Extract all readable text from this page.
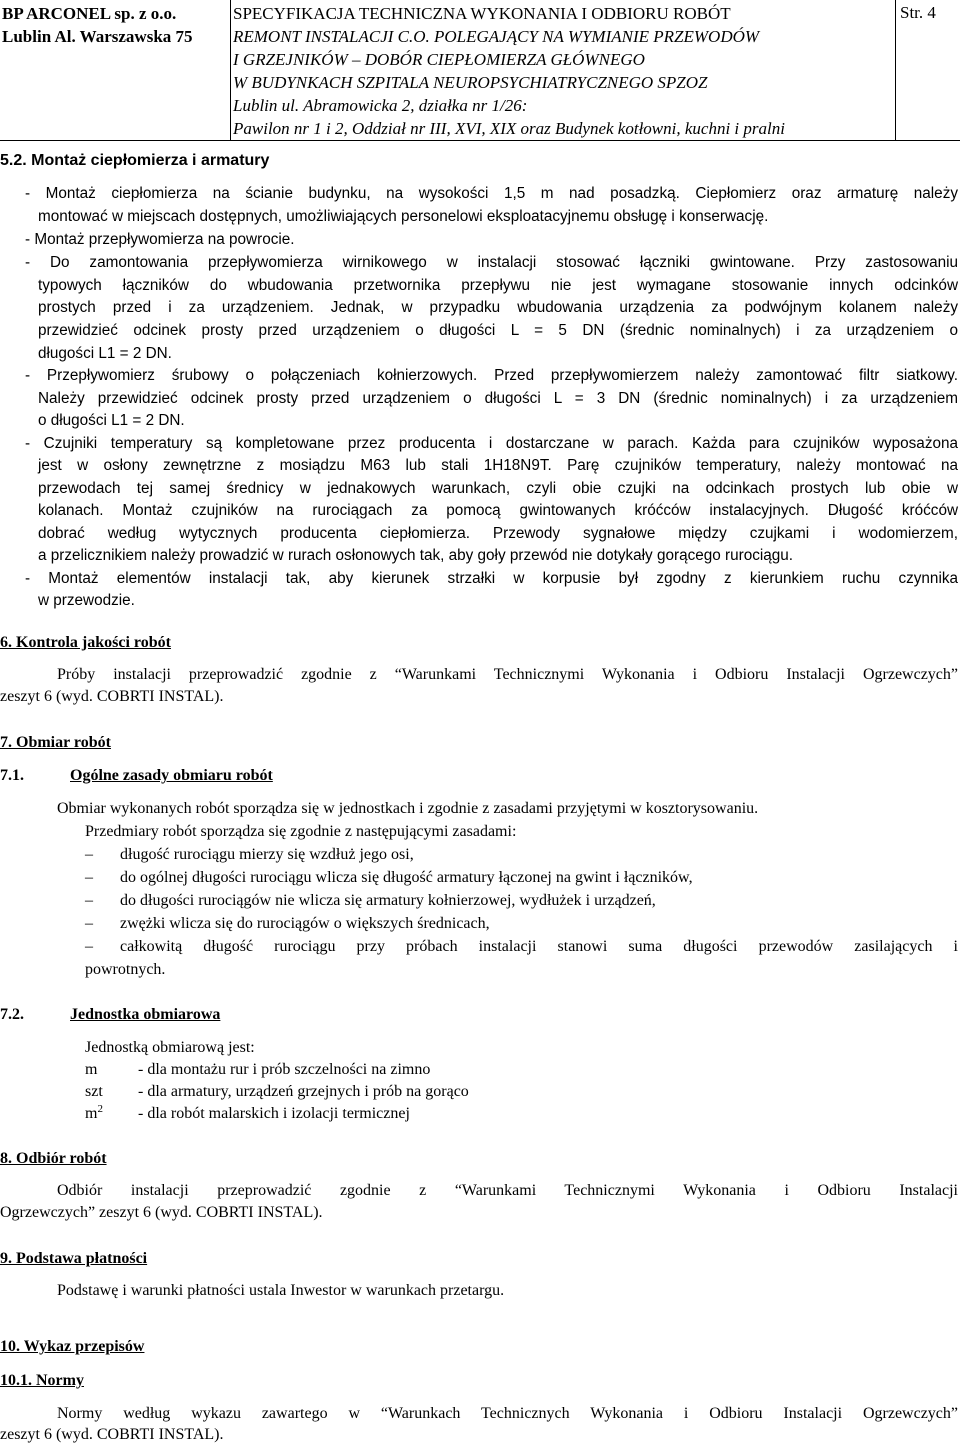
BP ARCONEL sp. z o.o.
Lublin Al. Warszawska 75
SPECYFIKACJA TECHNICZNA WYKONANIA I ODBIORU ROBÓT
REMONT INSTALACJI C.O. POLEGAJĄCY NA WYMIANIE PRZEWODÓW
I GRZEJNIKÓW – DOBÓR CIEPŁOMIERZA GŁÓWNEGO
W BUDYNKACH SZPITALA NEUROPSYCHIATRYCZNEGO SPZOZ
Lublin ul. Abramowicka 2, działka nr 1/26:
Pawilon nr 1 i 2, Oddział nr III, XVI, XIX oraz Budynek kotłowni, kuchni i pralni
Str. 4
5.2. Montaż ciepłomierza i armatury
- Montaż ciepłomierza na ścianie budynku, na wysokości 1,5 m nad posadzką. Ciepłomierz oraz armaturę należy
montować w miejscach dostępnych, umożliwiających personelowi eksploatacyjnemu obsługę i konserwację.
- Montaż przepływomierza na powrocie.
- Do zamontowania przepływomierza wirnikowego w instalacji stosować łączniki gwintowane. Przy zastosowaniu
typowych łączników do wbudowania przetwornika przepływu nie jest wymagane stosowanie innych odcinków
prostych przed i za urządzeniem. Jednak, w przypadku wbudowania urządzenia za podwójnym kolanem należy
przewidzieć odcinek prosty przed urządzeniem o długości L = 5 DN (średnic nominalnych) i za urządzeniem o
długości L1 = 2 DN.
- Przepływomierz śrubowy o połączeniach kołnierzowych. Przed przepływomierzem należy zamontować filtr siatkowy.
Należy przewidzieć odcinek prosty przed urządzeniem o długości L = 3 DN (średnic nominalnych) i za urządzeniem
o długości L1 = 2 DN.
- Czujniki temperatury są kompletowane przez producenta i dostarczane w parach. Każda para czujników wyposażona
jest w osłony zewnętrzne z mosiądzu M63 lub stali 1H18N9T. Parę czujników temperatury, należy montować na
przewodach tej samej średnicy w jednakowych warunkach, czyli obie czujki na odcinkach prostych lub obie w
kolanach. Montaż czujników na rurociągach za pomocą gwintowanych króćców instalacyjnych. Długość króćców
dobrać według wytycznych producenta ciepłomierza. Przewody sygnałowe między czujkami i wodomierzem,
a przelicznikiem należy prowadzić w rurach osłonowych tak, aby goły przewód nie dotykały gorącego rurociągu.
- Montaż elementów instalacji tak, aby kierunek strzałki w korpusie był zgodny z kierunkiem ruchu czynnika
w przewodzie.
6. Kontrola jakości robót
Próby instalacji przeprowadzić zgodnie z “Warunkami Technicznymi Wykonania i Odbioru Instalacji Ogrzewczych”
zeszyt 6 (wyd. COBRTI INSTAL).
7. Obmiar robót
7.1.	Ogólne zasady obmiaru robót
Obmiar wykonanych robót sporządza się w jednostkach i zgodnie z zasadami przyjętymi w kosztorysowaniu.
Przedmiary robót sporządza się zgodnie z następującymi zasadami:
– długość rurociągu mierzy się wzdłuż jego osi,
– do ogólnej długości rurociągu wlicza się długość armatury łączonej na gwint i łączników,
– do długości rurociągów nie wlicza się armatury kołnierzowej, wydłużek i urządzeń,
– zwężki wlicza się do rurociągów o większych średnicach,
– całkowitą długość rurociągu przy próbach instalacji stanowi suma długości przewodów zasilających i
powrotnych.
7.2.	Jednostka obmiarowa
Jednostką obmiarową jest:
m	- dla montażu rur i prób szczelności na zimno
szt - dla armatury, urządzeń grzejnych i prób na gorąco
$m^2$ - dla robót malarskich i izolacji termicznej
8. Odbiór robót
Odbiór instalacji przeprowadzić zgodnie z “Warunkami Technicznymi Wykonania i Odbioru Instalacji
Ogrzewczych” zeszyt 6 (wyd. COBRTI INSTAL).
9. Podstawa płatności
Podstawę i warunki płatności ustala Inwestor w warunkach przetargu.
10. Wykaz przepisów
10.1. Normy
Normy według wykazu zawartego w “Warunkach Technicznych Wykonania i Odbioru Instalacji Ogrzewczych”
zeszyt 6 (wyd. COBRTI INSTAL).
